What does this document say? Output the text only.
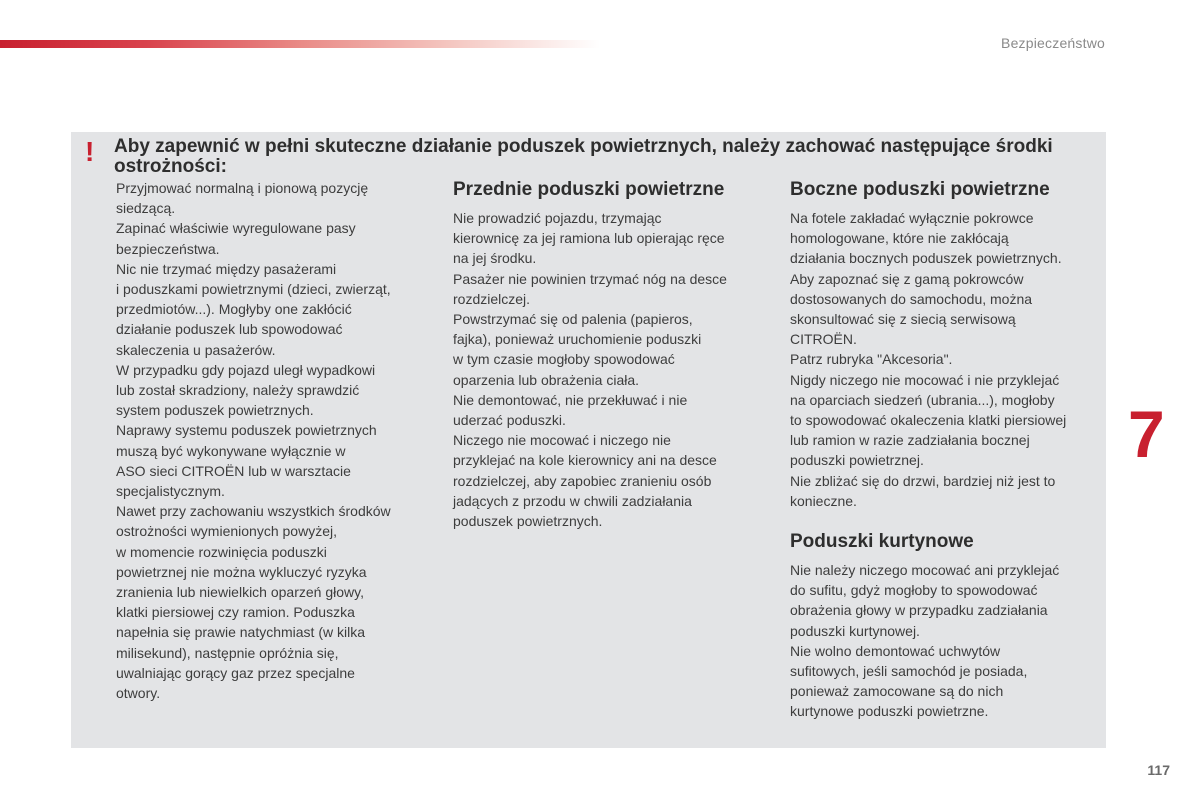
Bezpieczeństwo
! Aby zapewnić w pełni skuteczne działanie poduszek powietrznych, należy zachować następujące środki ostrożności:

Przyjmować normalną i pionową pozycję

siedzącą.

Zapinać właściwie wyregulowane pasy

bezpieczeństwa.

Nic nie trzymać między pasażerami

i poduszkami powietrznymi (dzieci, zwierząt,

przedmiotów...). Mogłyby one zakłócić

działanie poduszek lub spowodować

skaleczenia u pasażerów.

W przypadku gdy pojazd uległ wypadkowi

lub został skradziony, należy sprawdzić

system poduszek powietrznych.

Naprawy systemu poduszek powietrznych

muszą być wykonywane wyłącznie w

ASO sieci CITROËN lub w warsztacie

specjalistycznym.

Nawet przy zachowaniu wszystkich środków

ostrożności wymienionych powyżej,

w momencie rozwinięcia poduszki

powietrznej nie można wykluczyć ryzyka

zranienia lub niewielkich oparzeń głowy,

klatki piersiowej czy ramion. Poduszka

napełnia się prawie natychmiast (w kilka

milisekund), następnie opróżnia się,

uwalniając gorący gaz przez specjalne

otwory.

Przednie poduszki powietrzne

Nie prowadzić pojazdu, trzymając

kierownicę za jej ramiona lub opierając ręce

na jej środku.

Pasażer nie powinien trzymać nóg na desce

rozdzielczej.

Powstrzymać się od palenia (papieros,

fajka), ponieważ uruchomienie poduszki

w tym czasie mogłoby spowodować

oparzenia lub obrażenia ciała.

Nie demontować, nie przekłuwać i nie

uderzać poduszki.

Niczego nie mocować i niczego nie

przyklejać na kole kierownicy ani na desce

rozdzielczej, aby zapobiec zranieniu osób

jadących z przodu w chwili zadziałania

poduszek powietrznych.

Boczne poduszki powietrzne

Na fotele zakładać wyłącznie pokrowce

homologowane, które nie zakłócają

działania bocznych poduszek powietrznych.

Aby zapoznać się z gamą pokrowców

dostosowanych do samochodu, można

skonsultować się z siecią serwisową

CITROËN.

Patrz rubryka "Akcesoria".

Nigdy niczego nie mocować i nie przyklejać

na oparciach siedzeń (ubrania...), mogłoby

to spowodować okaleczenia klatki piersiowej

lub ramion w razie zadziałania bocznej

poduszki powietrznej.

Nie zbliżać się do drzwi, bardziej niż jest to

konieczne.

Poduszki kurtynowe

Nie należy niczego mocować ani przyklejać

do sufitu, gdyż mogłoby to spowodować

obrażenia głowy w przypadku zadziałania

poduszki kurtynowej.

Nie wolno demontować uchwytów

sufitowych, jeśli samochód je posiada,

ponieważ zamocowane są do nich

kurtynowe poduszki powietrzne.

7
117
